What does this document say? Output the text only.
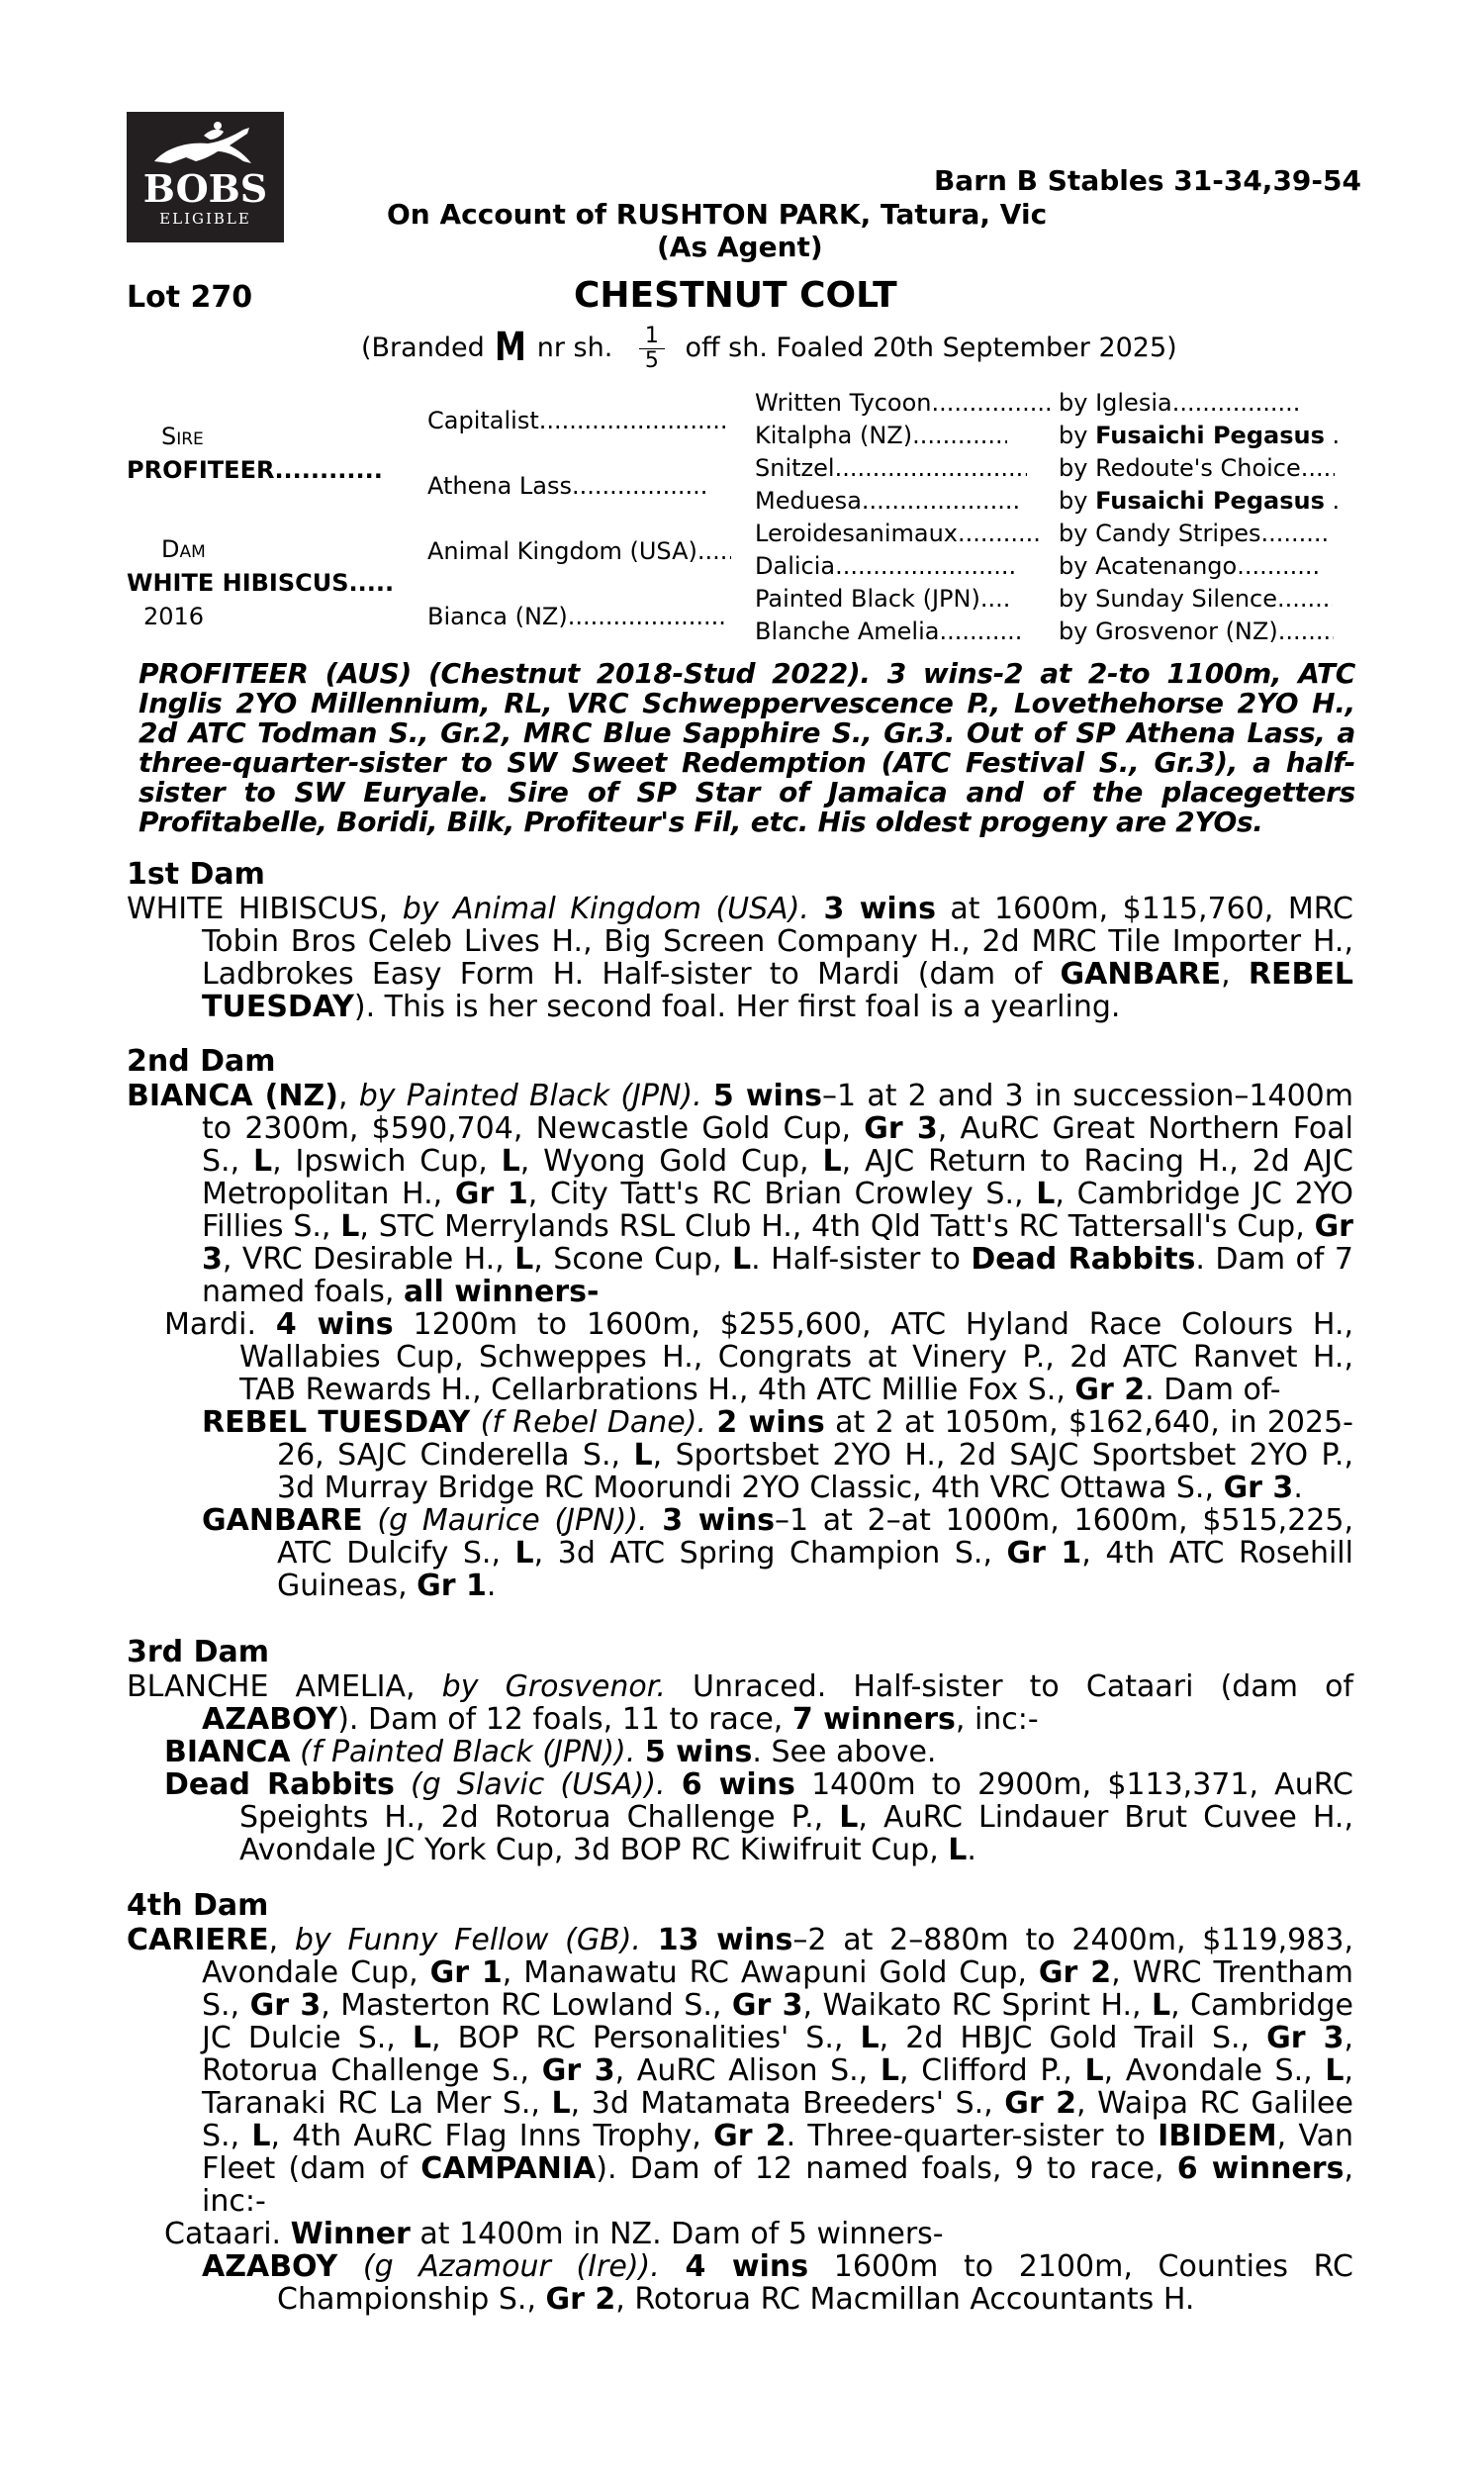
BOBS
ELIGIBLE
Barn B Stables 31-34,39-54
On Account of RUSHTON PARK, Tatura, Vic
(As Agent)
Lot 270	CHESTNUT COLT
(Branded M nr sh. $\frac{1}{5}$ off sh. Foaled 20th September 2025)
Sire
PROFITEER.....
Dam
WHITE HIBISCUS.....
2016
Capitalist.....
Athena Lass.....
Animal Kingdom (USA).....
Bianca (NZ).....
Written Tycoon.....
Kitalpha (NZ).....
Snitzel.....
Meduesa.....
Leroidesanimaux.....
Dalicia.....
Painted Black (JPN).....
Blanche Amelia.....
by Iglesia.....
by Fusaichi Pegasus .
by Redoute's Choice.....
by Fusaichi Pegasus .
by Candy Stripes.....
by Acatenango.....
by Sunday Silence.....
by Grosvenor (NZ).....
PROFITEER (AUS) (Chestnut 2018-Stud 2022). 3 wins-2 at 2-to 1100m, ATC Inglis 2YO Millennium, RL, VRC Schweppervescence P., Lovethehorse 2YO H., 2d ATC Todman S., Gr.2, MRC Blue Sapphire S., Gr.3. Out of SP Athena Lass, a three-quarter-sister to SW Sweet Redemption (ATC Festival S., Gr.3), a half-sister to SW Euryale. Sire of SP Star of Jamaica and of the placegetters Profitabelle, Boridi, Bilk, Profiteur's Fil, etc. His oldest progeny are 2YOs.
1st Dam

WHITE HIBISCUS, by Animal Kingdom (USA). 3 wins at 1600m, $115,760, MRC Tobin Bros Celeb Lives H., Big Screen Company H., 2d MRC Tile Importer H., Ladbrokes Easy Form H. Half-sister to Mardi (dam of GANBARE, REBEL TUESDAY). This is her second foal. Her first foal is a yearling.

2nd Dam

BIANCA (NZ), by Painted Black (JPN). 5 wins–1 at 2 and 3 in succession–1400m to 2300m, $590,704, Newcastle Gold Cup, Gr 3, AuRC Great Northern Foal S., L, Ipswich Cup, L, Wyong Gold Cup, L, AJC Return to Racing H., 2d AJC Metropolitan H., Gr 1, City Tatt's RC Brian Crowley S., L, Cambridge JC 2YO Fillies S., L, STC Merrylands RSL Club H., 4th Qld Tatt's RC Tattersall's Cup, Gr 3, VRC Desirable H., L, Scone Cup, L. Half-sister to Dead Rabbits. Dam of 7 named foals, all winners-

Mardi. 4 wins 1200m to 1600m, $255,600, ATC Hyland Race Colours H., Wallabies Cup, Schweppes H., Congrats at Vinery P., 2d ATC Ranvet H., TAB Rewards H., Cellarbrations H., 4th ATC Millie Fox S., Gr 2. Dam of-

REBEL TUESDAY (f Rebel Dane). 2 wins at 2 at 1050m, $162,640, in 2025-26, SAJC Cinderella S., L, Sportsbet 2YO H., 2d SAJC Sportsbet 2YO P., 3d Murray Bridge RC Moorundi 2YO Classic, 4th VRC Ottawa S., Gr 3.

GANBARE (g Maurice (JPN)). 3 wins–1 at 2–at 1000m, 1600m, $515,225, ATC Dulcify S., L, 3d ATC Spring Champion S., Gr 1, 4th ATC Rosehill Guineas, Gr 1.

3rd Dam

BLANCHE AMELIA, by Grosvenor. Unraced. Half-sister to Cataari (dam of AZABOY). Dam of 12 foals, 11 to race, 7 winners, inc:-

BIANCA (f Painted Black (JPN)). 5 wins. See above.

Dead Rabbits (g Slavic (USA)). 6 wins 1400m to 2900m, $113,371, AuRC Speights H., 2d Rotorua Challenge P., L, AuRC Lindauer Brut Cuvee H., Avondale JC York Cup, 3d BOP RC Kiwifruit Cup, L.

4th Dam

CARIERE, by Funny Fellow (GB). 13 wins–2 at 2–880m to 2400m, $119,983, Avondale Cup, Gr 1, Manawatu RC Awapuni Gold Cup, Gr 2, WRC Trentham S., Gr 3, Masterton RC Lowland S., Gr 3, Waikato RC Sprint H., L, Cambridge JC Dulcie S., L, BOP RC Personalities' S., L, 2d HBJC Gold Trail S., Gr 3, Rotorua Challenge S., Gr 3, AuRC Alison S., L, Clifford P., L, Avondale S., L, Taranaki RC La Mer S., L, 3d Matamata Breeders' S., Gr 2, Waipa RC Galilee S., L, 4th AuRC Flag Inns Trophy, Gr 2. Three-quarter-sister to IBIDEM, Van Fleet (dam of CAMPANIA). Dam of 12 named foals, 9 to race, 6 winners, inc:-

Cataari. Winner at 1400m in NZ. Dam of 5 winners-

AZABOY (g Azamour (Ire)). 4 wins 1600m to 2100m, Counties RC Championship S., Gr 2, Rotorua RC Macmillan Accountants H.
